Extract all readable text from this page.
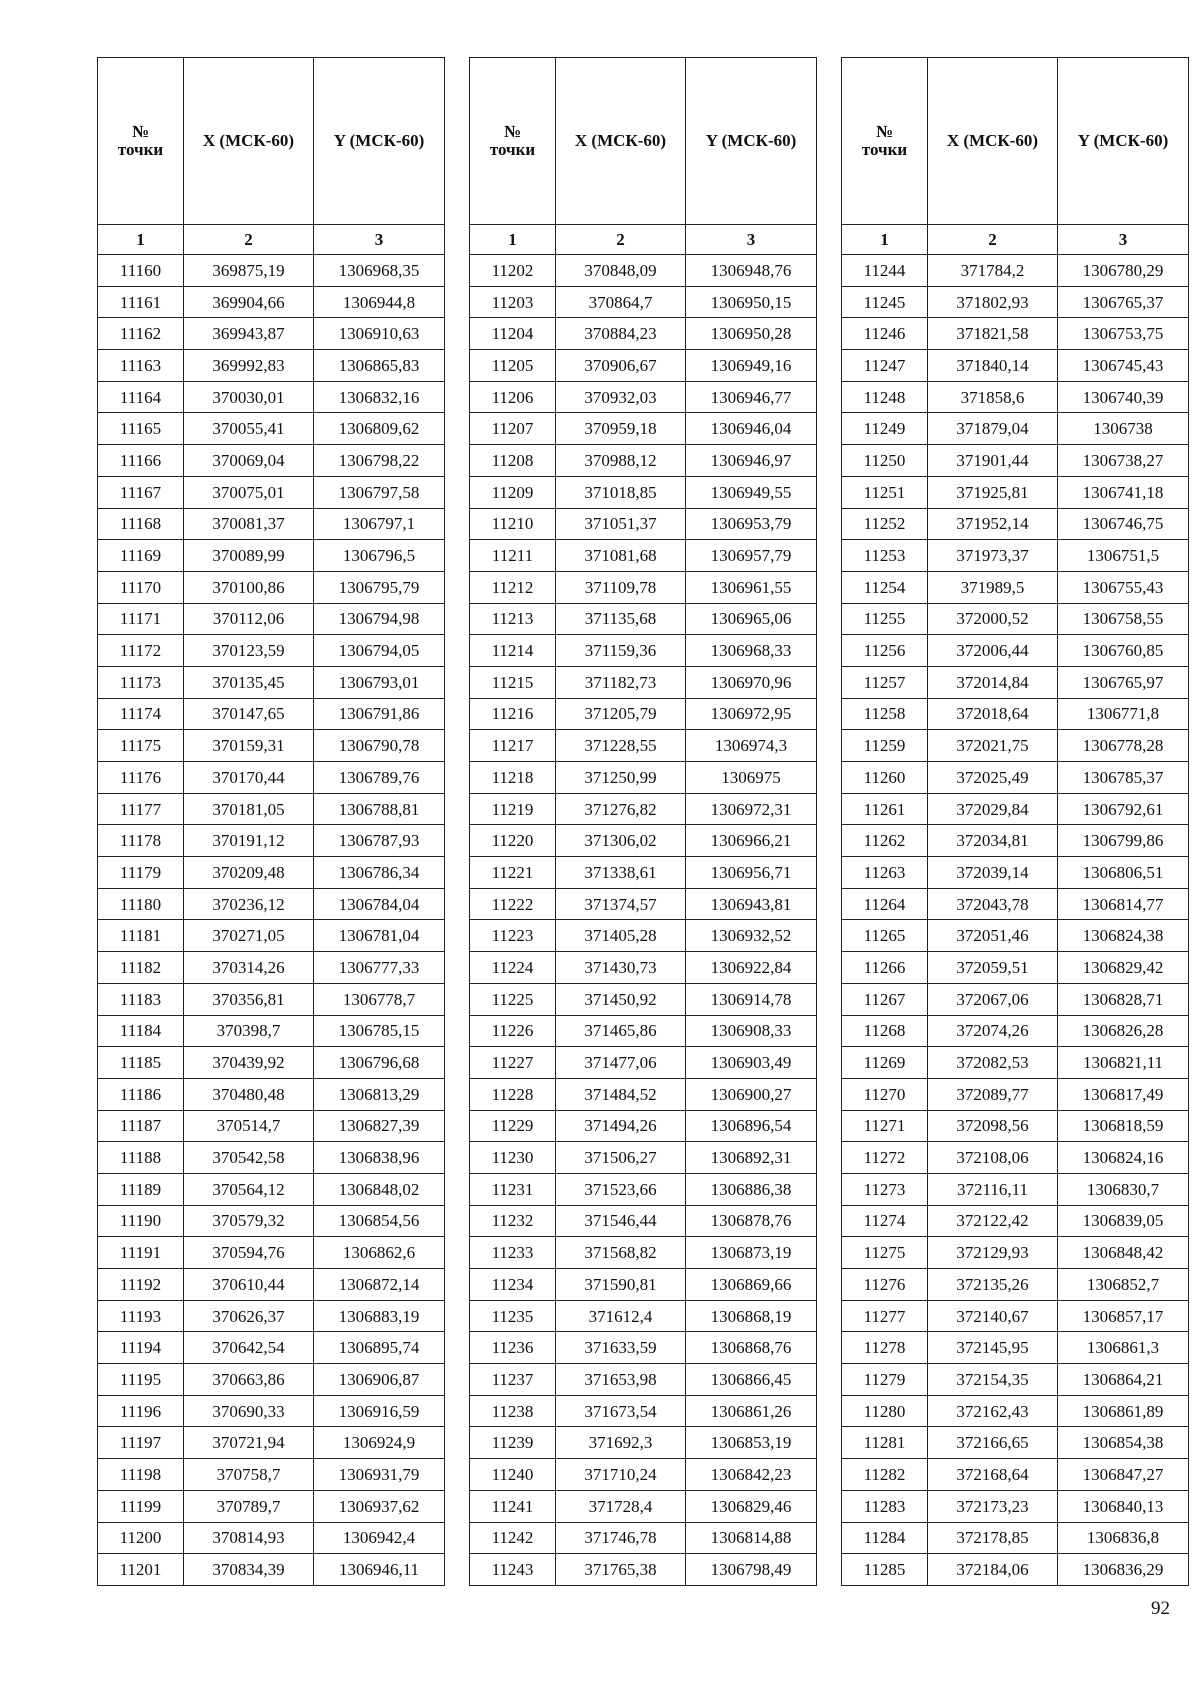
№
точки	X (МСК-60)	Y (МСК-60)
1	2	3
11160	369875,19	1306968,35
11161	369904,66	1306944,8
11162	369943,87	1306910,63
11163	369992,83	1306865,83
11164	370030,01	1306832,16
11165	370055,41	1306809,62
11166	370069,04	1306798,22
11167	370075,01	1306797,58
11168	370081,37	1306797,1
11169	370089,99	1306796,5
11170	370100,86	1306795,79
11171	370112,06	1306794,98
11172	370123,59	1306794,05
11173	370135,45	1306793,01
11174	370147,65	1306791,86
11175	370159,31	1306790,78
11176	370170,44	1306789,76
11177	370181,05	1306788,81
11178	370191,12	1306787,93
11179	370209,48	1306786,34
11180	370236,12	1306784,04
11181	370271,05	1306781,04
11182	370314,26	1306777,33
11183	370356,81	1306778,7
11184	370398,7	1306785,15
11185	370439,92	1306796,68
11186	370480,48	1306813,29
11187	370514,7	1306827,39
11188	370542,58	1306838,96
11189	370564,12	1306848,02
11190	370579,32	1306854,56
11191	370594,76	1306862,6
11192	370610,44	1306872,14
11193	370626,37	1306883,19
11194	370642,54	1306895,74
11195	370663,86	1306906,87
11196	370690,33	1306916,59
11197	370721,94	1306924,9
11198	370758,7	1306931,79
11199	370789,7	1306937,62
11200	370814,93	1306942,4
11201	370834,39	1306946,11
№
точки	X (МСК-60)	Y (МСК-60)
1	2	3
11202	370848,09	1306948,76
11203	370864,7	1306950,15
11204	370884,23	1306950,28
11205	370906,67	1306949,16
11206	370932,03	1306946,77
11207	370959,18	1306946,04
11208	370988,12	1306946,97
11209	371018,85	1306949,55
11210	371051,37	1306953,79
11211	371081,68	1306957,79
11212	371109,78	1306961,55
11213	371135,68	1306965,06
11214	371159,36	1306968,33
11215	371182,73	1306970,96
11216	371205,79	1306972,95
11217	371228,55	1306974,3
11218	371250,99	1306975
11219	371276,82	1306972,31
11220	371306,02	1306966,21
11221	371338,61	1306956,71
11222	371374,57	1306943,81
11223	371405,28	1306932,52
11224	371430,73	1306922,84
11225	371450,92	1306914,78
11226	371465,86	1306908,33
11227	371477,06	1306903,49
11228	371484,52	1306900,27
11229	371494,26	1306896,54
11230	371506,27	1306892,31
11231	371523,66	1306886,38
11232	371546,44	1306878,76
11233	371568,82	1306873,19
11234	371590,81	1306869,66
11235	371612,4	1306868,19
11236	371633,59	1306868,76
11237	371653,98	1306866,45
11238	371673,54	1306861,26
11239	371692,3	1306853,19
11240	371710,24	1306842,23
11241	371728,4	1306829,46
11242	371746,78	1306814,88
11243	371765,38	1306798,49
№
точки	X (МСК-60)	Y (МСК-60)
1	2	3
11244	371784,2	1306780,29
11245	371802,93	1306765,37
11246	371821,58	1306753,75
11247	371840,14	1306745,43
11248	371858,6	1306740,39
11249	371879,04	1306738
11250	371901,44	1306738,27
11251	371925,81	1306741,18
11252	371952,14	1306746,75
11253	371973,37	1306751,5
11254	371989,5	1306755,43
11255	372000,52	1306758,55
11256	372006,44	1306760,85
11257	372014,84	1306765,97
11258	372018,64	1306771,8
11259	372021,75	1306778,28
11260	372025,49	1306785,37
11261	372029,84	1306792,61
11262	372034,81	1306799,86
11263	372039,14	1306806,51
11264	372043,78	1306814,77
11265	372051,46	1306824,38
11266	372059,51	1306829,42
11267	372067,06	1306828,71
11268	372074,26	1306826,28
11269	372082,53	1306821,11
11270	372089,77	1306817,49
11271	372098,56	1306818,59
11272	372108,06	1306824,16
11273	372116,11	1306830,7
11274	372122,42	1306839,05
11275	372129,93	1306848,42
11276	372135,26	1306852,7
11277	372140,67	1306857,17
11278	372145,95	1306861,3
11279	372154,35	1306864,21
11280	372162,43	1306861,89
11281	372166,65	1306854,38
11282	372168,64	1306847,27
11283	372173,23	1306840,13
11284	372178,85	1306836,8
11285	372184,06	1306836,29
92
